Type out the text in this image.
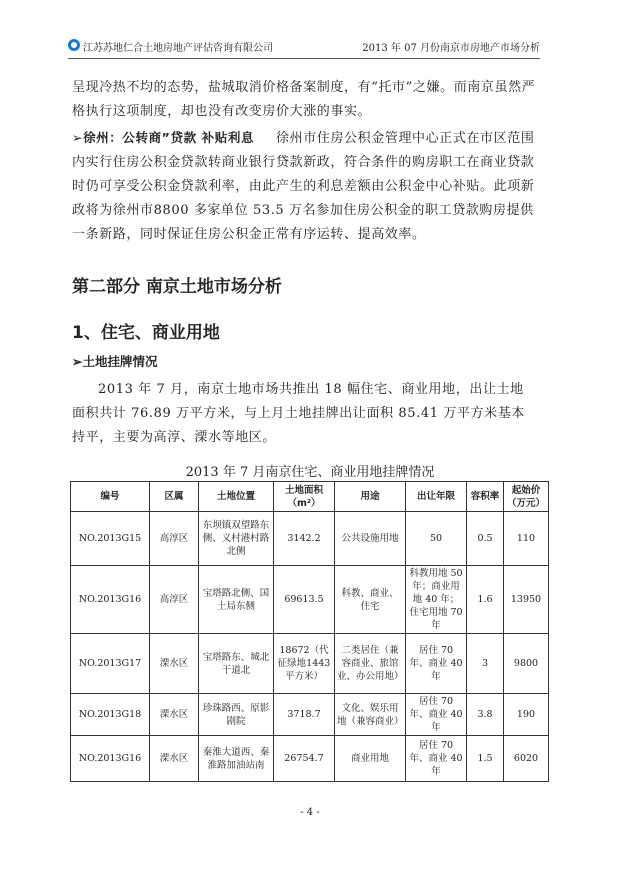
江苏苏地仁合土地房地产评估咨询有限公司	2013 年 07 月份南京市房地产市场分析

呈现冷热不均的态势，盐城取消价格备案制度，有“托市”之嫌。而南京虽然严格执行这项制度，却也没有改变房价大涨的事实。

➢徐州：公转商”贷款 补贴利息 徐州市住房公积金管理中心正式在市区范围内实行住房公积金贷款转商业银行贷款新政，符合条件的购房职工在商业贷款时仍可享受公积金贷款利率，由此产生的利息差额由公积金中心补贴。此项新政将为徐州市8800 多家单位 53.5 万名参加住房公积金的职工贷款购房提供一条新路，同时保证住房公积金正常有序运转、提高效率。

第二部分 南京土地市场分析
1、住宅、商业用地
➢土地挂牌情况

2013 年 7 月，南京土地市场共推出 18 幅住宅、商业用地，出让土地面积共计 76.89 万平方米，与上月土地挂牌出让面积 85.41 万平方米基本持平，主要为高淳、溧水等地区。

2013 年 7 月南京住宅、商业用地挂牌情况
编号	区属	土地位置	土地面积（m²）	用途	出让年限	容积率	起始价（万元）
NO.2013G15	高淳区	东坝镇双望路东侧、义村港村路北侧	3142.2	公共设施用地	50	0.5	110
NO.2013G16	高淳区	宝塔路北侧、国土局东侧	69613.5	科教、商业、住宅	科教用地 50 年；商业用地 40 年；住宅用地 70 年	1.6	13950
NO.2013G17	溧水区	宝塔路东、城北干道北	18672（代征绿地1443 平方米）	二类居住（兼容商业、旅馆业、办公用地）	居住 70 年、商业 40 年	3	9800
NO.2013G18	溧水区	珍珠路西、原影剧院	3718.7	文化、娱乐用地（兼容商业）	居住 70 年、商业 40 年	3.8	190
NO.2013G16	溧水区	秦淮大道西、秦淮路加油站南	26754.7	商业用地	居住 70 年、商业 40 年	1.5	6020
- 4 -
